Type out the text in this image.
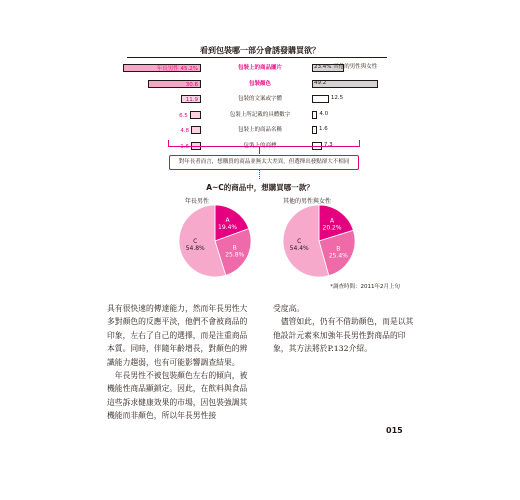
看到包裝哪一部分會誘發購買欲？
年長男性 45.2%	包裝上的商品圖片	23.4% 其他的男性與女性
30.6	包裝顏色	49.2
11.9	包裝的文案或字體	12.5
6.5	包裝上所記載的具體數字	4.0
4.8	包裝上的商品名稱	1.6
1.6	包裝上的商標	7.3
對年長者而言，想購買的商品並無太大差異，但選擇出發點卻大不相同
A~C的商品中，想購買哪一款？
年長男性	其他的男性與女性
A
19.4%
B
25.8%
C
54.8%
A
20.2%
B
25.4%
C
54.4%
*調查時間：2011年2月上旬

具有很快速的傳達能力，然而年長男性大多對顏色的反應平淡，他們不會被商品的印象，左右了自己的選擇，而是注重商品本質。同時，伴隨年齡增長，對顏色的辨識能力趨弱，也有可能影響調查結果。

年長男性不被包裝顏色左右的傾向，被機能性商品顯鎖定。因此，在飲料與食品這些訴求健康效果的市場，因包裝強調其機能而非顏色，所以年長男性接

受度高。

儘管如此，仍有不借助顏色，而是以其他設計元素來加強年長男性對商品的印象，其方法將於P.132介紹。

015
